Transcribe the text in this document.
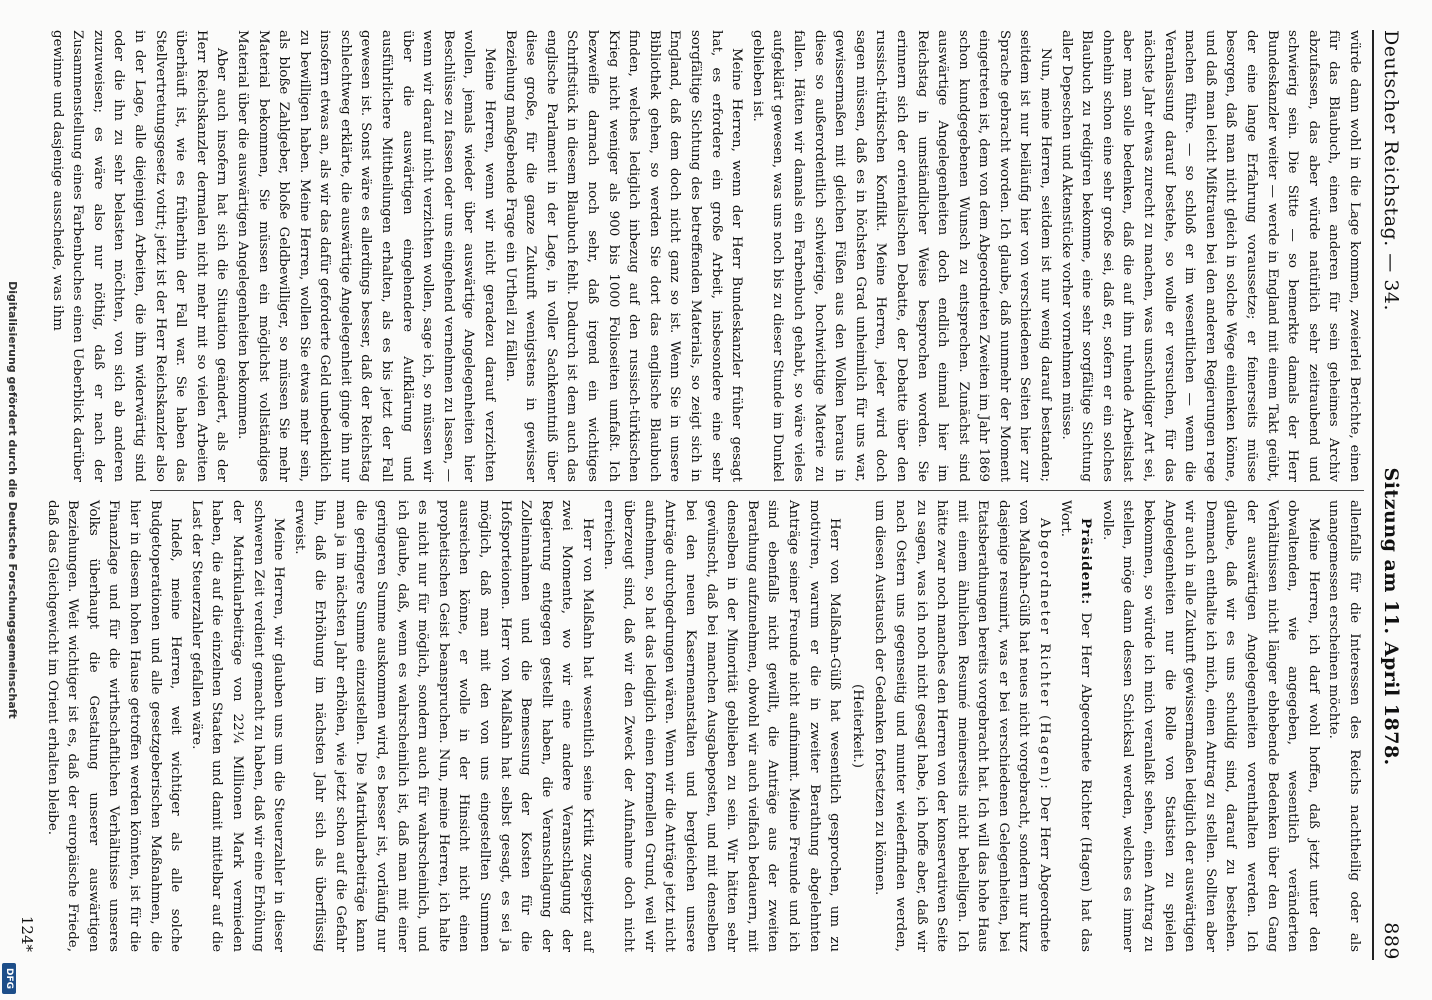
Deutscher Reichstag. — 34.
Sitzung am 11. April 1878.
889

würde dann wohl in die Lage kommen, zweierlei Berichte, einen für das Blaubuch, einen anderen für sein geheimes Archiv abzufassen, das aber würde natürlich sehr zeitraubend und schwierig sein. Die Sitte — so bemerkte damals der Herr Bundeskanzler weiter — werde in England mit einem Takt geübt, der eine lange Erfahrung voraussetze; er feinerseits müsse besorgen, daß man nicht gleich in solche Wege einlenken könne, und daß man leicht Mißtrauen bei den anderen Regierungen rege machen führe. — so schloß er im wesentlichen — wenn die Veranlassung darauf bestehe, so wolle er versuchen, für das nächste Jahr etwas zurecht zu machen, was unschuldiger Art sei, aber man solle bedenken, daß die auf ihm ruhende Arbeitslast ohnehin schon eine sehr große sei, daß er, sofern er ein solches Blaubuch zu redigiren bekomme, eine sehr sorgfältige Sichtung aller Depeschen und Aktenstücke vorher vornehmen müsse.

Nun, meine Herren, seitdem ist nur wenig darauf bestanden; seitdem ist nur beiläufig hier von verschiedenen Seiten hier zur Sprache gebracht worden. Ich glaube, daß nunmehr der Moment eingetreten ist, dem von dem Abgeordneten Zweiten im Jahr 1869 schon kundgegebenen Wunsch zu entsprechen. Zunächst sind auswärtige Angelegenheiten doch endlich einmal hier im Reichstag in umständlicher Weise besprochen worden. Sie erinnern sich der orientalischen Debatte, der Debatte über den russisch-türkischen Konflikt. Meine Herren, jeder wird doch sagen müssen, daß es in höchsten Grad unheimlich für uns war, gewissermaßen mit gleichen Füßen aus den Wolken heraus in diese so außerordentlich schwierige, hochwichtige Materie zu fallen. Hätten wir damals ein Farbenbuch gehabt, so wäre vieles aufgeklärt gewesen, was uns noch bis zu dieser Stunde im Dunkel geblieben ist.

Meine Herren, wenn der Herr Bundeskanzler früher gesagt hat, es erfordere ein große Arbeit, insbesondere eine sehr sorgfältige Sichtung des betreffenden Materials, so zeigt sich in England, daß dem doch nicht ganz so ist. Wenn Sie in unsere Bibliothek gehen, so werden Sie dort das englische Blaubuch finden, welches lediglich inbezug auf den russisch-türkischen Krieg nicht weniger als 900 bis 1000 Folioseiten umfaßt. Ich bezweifle darnach noch sehr, daß irgend ein wichtiges Schriftstück in diesem Blaubuch fehlt. Dadurch ist dem auch das englische Parlament in der Lage, in voller Sachkenntniß über diese große, für die ganze Zukunft wenigstens in gewisser Beziehung maßgebende Frage ein Urtheil zu fällen.

Meine Herren, wenn wir nicht geradezu darauf verzichten wollen, jemals wieder über auswärtige Angelegenheiten hier Beschlüsse zu fassen oder uns eingehend vernehmen zu lassen, — wenn wir darauf nicht verzichten wollen, sage ich, so müssen wir über die auswärtigen eingehendere Aufklärung und ausführlichere Mittheilungen erhalten, als es bis jetzt der Fall gewesen ist. Sonst wäre es allerdings besser, daß der Reichstag schlechtweg erklärte, die auswärtige Angelegenheit ginge ihn nur insofern etwas an, als wir das dafür geforderte Geld unbedenklich zu bewilligen haben. Meine Herren, wollen Sie etwas mehr sein, als bloße Zahlgeber, bloße Geldbewilliger, so müssen Sie mehr Material bekommen, Sie müssen ein möglichst vollständiges Material über die auswärtigen Angelegenheiten bekommen.

Aber auch insofern hat sich die Situation geändert, als der Herr Reichskanzler dermalen nicht mehr mit so vielen Arbeiten überhäuft ist, wie es früherhin der Fall war. Sie haben das Stellvertretungsgesetz votirt; jetzt ist der Herr Reichskanzler also in der Lage, alle diejenigen Arbeiten, die ihm widerwärtig sind oder die ihn zu sehr belasten möchten, von sich ab anderen zuzuweisen; es wäre also nur nöthig, daß er nach der Zusammenstellung eines Farbenbuches einen Ueberblick darüber gewinne und dasjenige ausscheide, was ihm

allenfalls für die Interessen des Reichs nachtheilig oder als unangemessen erscheinen möchte.

Meine Herren, ich darf wohl hoffen, daß jetzt unter den obwaltenden, wie angegeben, wesentlich veränderten Verhältnissen nicht länger ebhebende Bedenken über den Gang der auswärtigen Angelegenheiten vorenthalten werden. Ich glaube, daß wir es uns schuldig sind, darauf zu bestehen. Demnach enthalte ich mich, einen Antrag zu stellen. Sollten aber wir auch in alle Zukunft gewissermaßen lediglich der auswärtigen Angelegenheiten nur die Rolle von Statisten zu spielen bekommen, so würde ich mich veranlaßt sehen, einen Antrag zu stellen, möge dann dessen Schicksal werden, welches es immer wolle.

Präsident: Der Herr Abgeordnete Richter (Hagen) hat das Wort.

Abgeordneter Richter (Hagen): Der Herr Abgeordnete von Malßahn-Gülß hat neues nicht vorgebracht, sondern nur kurz dasjenige resumirt, was er bei verschiedenen Gelegenheiten, bei Etatsberathungen bereits vorgebracht hat. Ich will das hohe Haus mit einem ähnlichen Resumé meinerseits nicht behelligen. Ich hätte zwar noch manches den Herren von der konservativen Seite zu sagen, was ich noch nicht gesagt habe, ich hoffe aber, daß wir nach Ostern uns gegenseitig und munter wiederfinden werden, um diesen Austausch der Gedanken fortsetzen zu können.

(Heiterkeit.)

Herr von Malßahn-Gülß hat wesentlich gesprochen, um zu motiviren, warum er die in zweiter Berathung abgelehnten Anträge seiner Freunde nicht aufnimmt. Meine Freunde und ich sind ebenfalls nicht gewillt, die Anträge aus der zweiten Berathung aufzunehmen, obwohl wir auch vielfach bedauern, mit denselben in der Minorität geblieben zu sein. Wir hätten sehr gewünscht, daß bei manchen Ausgabeposten, und mit denselben bei den neuen Kasernenanstalten und bergleichen unsere Anträge durchgedrungen wären. Wenn wir die Anträge jetzt nicht aufnehmen, so hat das lediglich einen formellen Grund, weil wir überzeugt sind, daß wir den Zweck der Aufnahme doch nicht erreichen.

Herr von Malßahn hat wesentlich seine Kritik zugespitzt auf zwei Momente, wo wir eine andere Veranschlagung der Regierung entgegen gestellt haben, die Veranschlagung der Zolleinnahmen und die Bemessung der Kosten für die Hofsporteionen. Herr von Malßahn hat selbst gesagt, es sei ja möglich, daß man mit den von uns eingestellten Summen ausreichen könne, er wolle in der Hinsicht nicht einen prophetischen Geist beanspruchen. Nun, meine Herren, ich halte es nicht nur für möglich, sondern auch für wahrscheinlich, und ich glaube, daß, wenn es wahrscheinlich ist, daß man mit einer geringeren Summe auskommen wird, es besser ist, vorläufig nur die geringere Summe einzustellen. Die Matrikularbeiträge kann man ja im nächsten Jahr erhöhen, wie jetzt schon auf die Gefahr hin, daß die Erhöhung im nächsten Jahr sich als überflüssig erweist.

Meine Herren, wir glauben uns um die Steuerzahler in dieser schweren Zeit verdient gemacht zu haben, daß wir eine Erhöhung der Matrikularbeiträge von 22¼ Millionen Mark vermieden haben, die auf die einzelnen Staaten und damit mittelbar auf die Last der Steuerzahler gefallen wäre.

Indeß, meine Herren, weit wichtiger als alle solche Budgetoperationen und alle gesetzgeberischen Maßnahmen, die hier in diesem hohen Hause getroffen werden könnten, ist für die Finanzlage und für die wirthschaftlichen Verhältnisse unseres Volks überhaupt die Gestaltung unserer auswärtigen Beziehungen. Weit wichtiger ist es, daß der europäische Friede, daß das Gleichgewicht im Orient erhalten bleibe.

124*
Digitalisierung gefördert durch die Deutsche Forschungsgemeinschaft
DFG
